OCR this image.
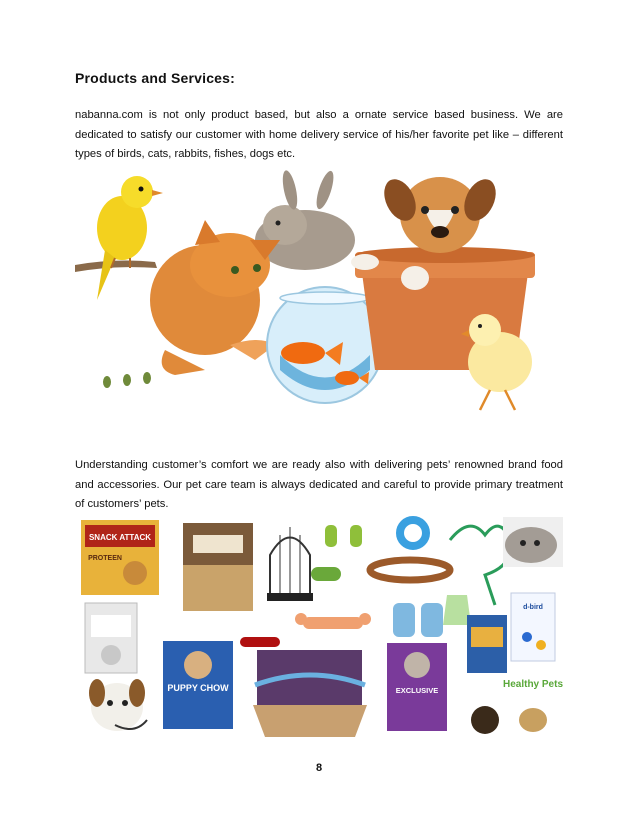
Products and Services:
nabanna.com is not only product based, but also a ornate service based business. We are dedicated to satisfy our customer with home delivery service of his/her favorite pet like – different types of birds, cats, rabbits, fishes, dogs etc.
Understanding customer’s comfort we are ready also with delivering pets’ renowned brand food and accessories. Our pet care team is always dedicated and careful to provide primary treatment of customers’ pets.
SNACK ATTACK
PROTEEN
d-bird
PUPPY CHOW	EXCLUSIVE
Healthy Pets
8
